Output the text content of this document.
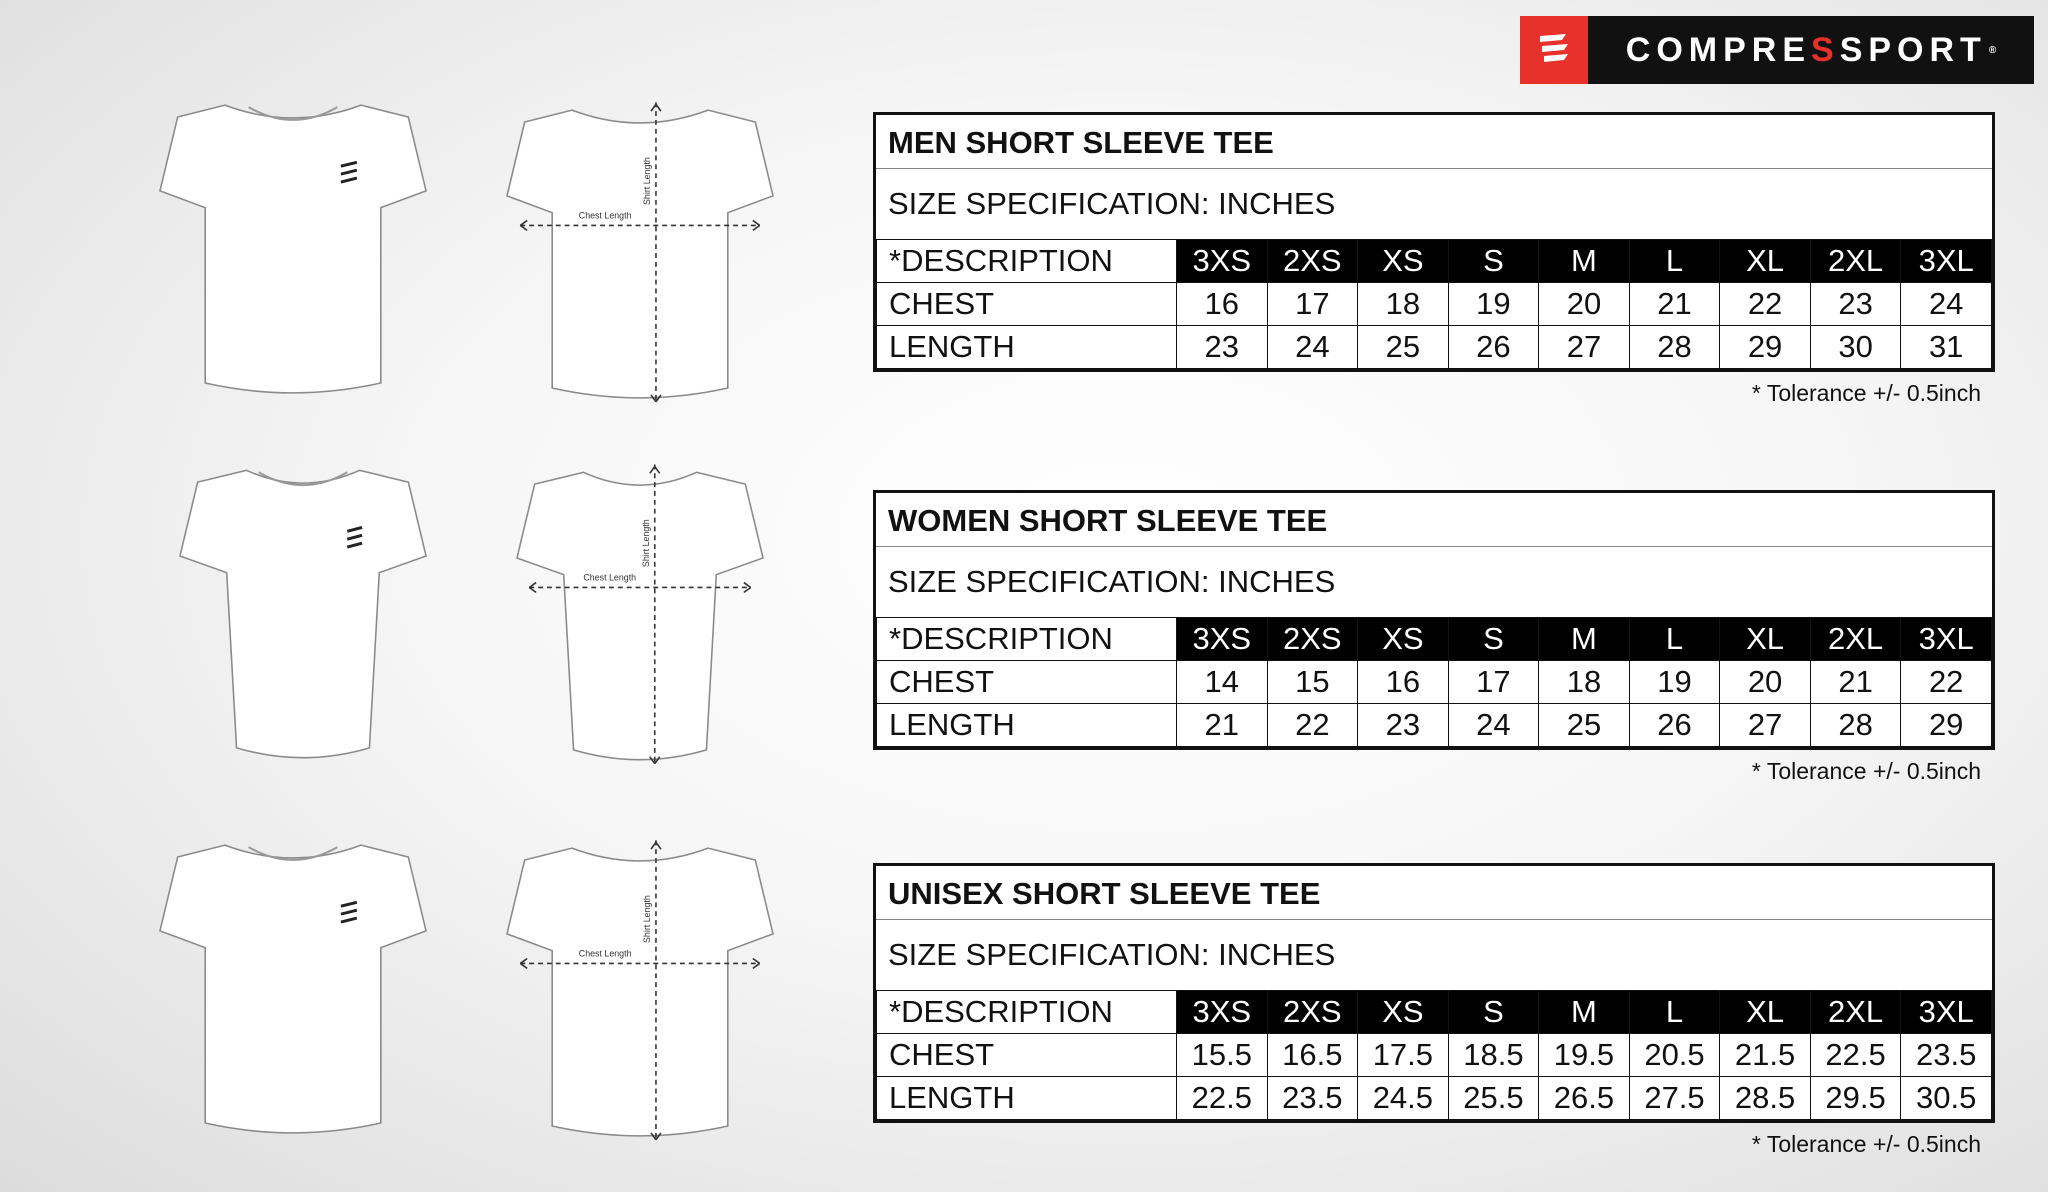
COMPRE S SPORT ®
Chest Length
Shirt Length
Chest Length
Shirt Length
Chest Length
Shirt Length
MEN SHORT SLEEVE TEE
SIZE SPECIFICATION: INCHES
*DESCRIPTION	3XS	2XS	XS	S	M	L	XL	2XL	3XL
CHEST	16	17	18	19	20	21	22	23	24
LENGTH	23	24	25	26	27	28	29	30	31
* Tolerance +/- 0.5inch
WOMEN SHORT SLEEVE TEE
SIZE SPECIFICATION: INCHES
*DESCRIPTION	3XS	2XS	XS	S	M	L	XL	2XL	3XL
CHEST	14	15	16	17	18	19	20	21	22
LENGTH	21	22	23	24	25	26	27	28	29
* Tolerance +/- 0.5inch
UNISEX SHORT SLEEVE TEE
SIZE SPECIFICATION: INCHES
*DESCRIPTION	3XS	2XS	XS	S	M	L	XL	2XL	3XL
CHEST	15.5	16.5	17.5	18.5	19.5	20.5	21.5	22.5	23.5
LENGTH	22.5	23.5	24.5	25.5	26.5	27.5	28.5	29.5	30.5
* Tolerance +/- 0.5inch
